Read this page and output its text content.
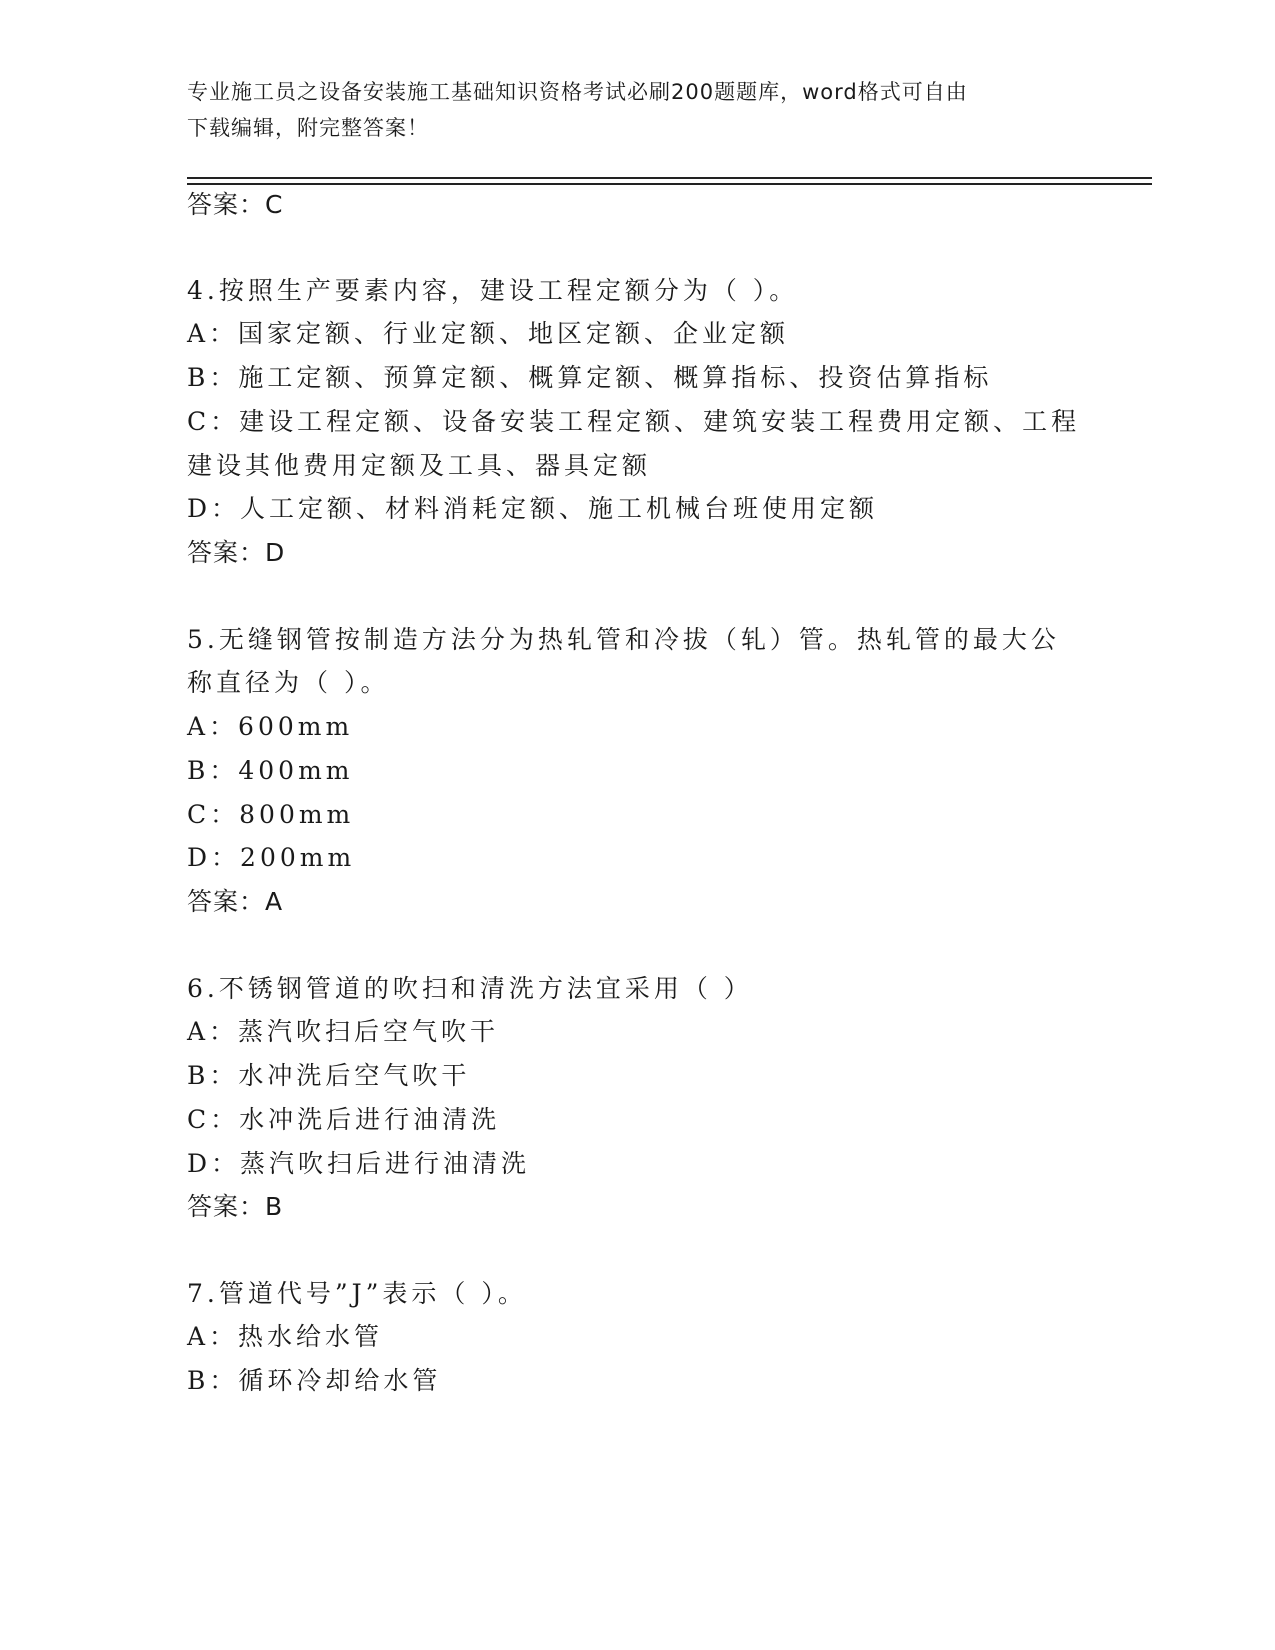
专业施工员之设备安装施工基础知识资格考试必刷200题题库，word格式可自由
下载编辑，附完整答案！
答案：C
4.按照生产要素内容，建设工程定额分为（ ）。
A：国家定额、行业定额、地区定额、企业定额
B：施工定额、预算定额、概算定额、概算指标、投资估算指标
C：建设工程定额、设备安装工程定额、建筑安装工程费用定额、工程
建设其他费用定额及工具、器具定额
D：人工定额、材料消耗定额、施工机械台班使用定额
答案：D
5.无缝钢管按制造方法分为热轧管和冷拔（轧）管。热轧管的最大公
称直径为（ ）。
A：600mm
B：400mm
C：800mm
D：200mm
答案：A
6.不锈钢管道的吹扫和清洗方法宜采用（ ）
A：蒸汽吹扫后空气吹干
B：水冲洗后空气吹干
C：水冲洗后进行油清洗
D：蒸汽吹扫后进行油清洗
答案：B
7.管道代号”J”表示（ ）。
A：热水给水管
B：循环冷却给水管
